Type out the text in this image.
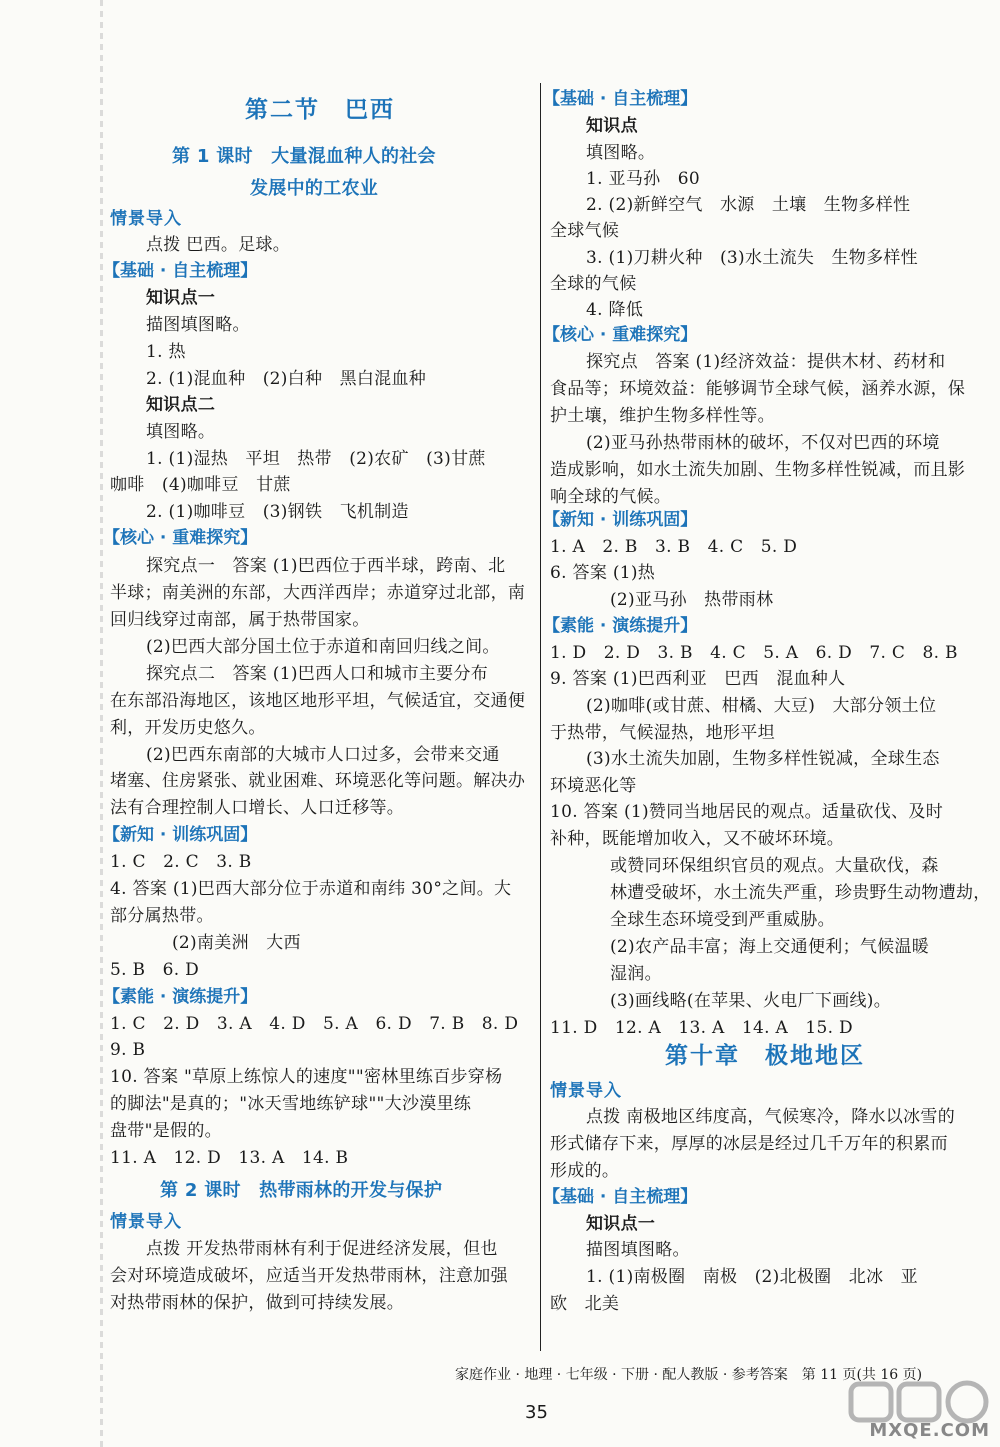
第二节　巴西
第 1 课时　大量混血种人的社会
发展中的工农业
情景导入
点拨 巴西。足球。
【基础 · 自主梳理】
知识点一
描图填图略。
1. 热
2. (1)混血种　(2)白种　黑白混血种
知识点二
填图略。
1. (1)湿热　平坦　热带　(2)农矿　(3)甘蔗
咖啡　(4)咖啡豆　甘蔗
2. (1)咖啡豆　(3)钢铁　飞机制造
【核心 · 重难探究】
探究点一　答案 (1)巴西位于西半球，跨南、北
半球；南美洲的东部，大西洋西岸；赤道穿过北部，南
回归线穿过南部，属于热带国家。
(2)巴西大部分国土位于赤道和南回归线之间。
探究点二　答案 (1)巴西人口和城市主要分布
在东部沿海地区，该地区地形平坦，气候适宜，交通便
利，开发历史悠久。
(2)巴西东南部的大城市人口过多，会带来交通
堵塞、住房紧张、就业困难、环境恶化等问题。解决办
法有合理控制人口增长、人口迁移等。
【新知 · 训练巩固】
1. C　2. C　3. B
4. 答案 (1)巴西大部分位于赤道和南纬 30°之间。大
部分属热带。
(2)南美洲　大西
5. B　6. D
【素能 · 演练提升】
1. C　2. D　3. A　4. D　5. A　6. D　7. B　8. D
9. B
10. 答案 "草原上练惊人的速度""密林里练百步穿杨
的脚法"是真的；"冰天雪地练铲球""大沙漠里练
盘带"是假的。
11. A　12. D　13. A　14. B
第 2 课时　热带雨林的开发与保护
情景导入
点拨 开发热带雨林有利于促进经济发展，但也
会对环境造成破坏，应适当开发热带雨林，注意加强
对热带雨林的保护，做到可持续发展。
【基础 · 自主梳理】
知识点
填图略。
1. 亚马孙　60
2. (2)新鲜空气　水源　土壤　生物多样性
全球气候
3. (1)刀耕火种　(3)水土流失　生物多样性
全球的气候
4. 降低
【核心 · 重难探究】
探究点　答案 (1)经济效益：提供木材、药材和
食品等；环境效益：能够调节全球气候，涵养水源，保
护土壤，维护生物多样性等。
(2)亚马孙热带雨林的破坏，不仅对巴西的环境
造成影响，如水土流失加剧、生物多样性锐减，而且影
响全球的气候。
【新知 · 训练巩固】
1. A　2. B　3. B　4. C　5. D
6. 答案 (1)热
(2)亚马孙　热带雨林
【素能 · 演练提升】
1. D　2. D　3. B　4. C　5. A　6. D　7. C　8. B
9. 答案 (1)巴西利亚　巴西　混血种人
(2)咖啡(或甘蔗、柑橘、大豆)　大部分领土位
于热带，气候湿热，地形平坦
(3)水土流失加剧，生物多样性锐减，全球生态
环境恶化等
10. 答案 (1)赞同当地居民的观点。适量砍伐、及时
补种，既能增加收入，又不破坏环境。
或赞同环保组织官员的观点。大量砍伐，森
林遭受破坏，水土流失严重，珍贵野生动物遭劫，
全球生态环境受到严重威胁。
(2)农产品丰富；海上交通便利；气候温暖
湿润。
(3)画线略(在苹果、火电厂下画线)。
11. D　12. A　13. A　14. A　15. D
第十章　极地地区
情景导入
点拨 南极地区纬度高，气候寒冷，降水以冰雪的
形式储存下来，厚厚的冰层是经过几千万年的积累而
形成的。
【基础 · 自主梳理】
知识点一
描图填图略。
1. (1)南极圈　南极　(2)北极圈　北冰　亚
欧　北美
家庭作业 · 地理 · 七年级 · 下册 · 配人教版 · 参考答案　第 11 页(共 16 页)
35
MXQE.COM
